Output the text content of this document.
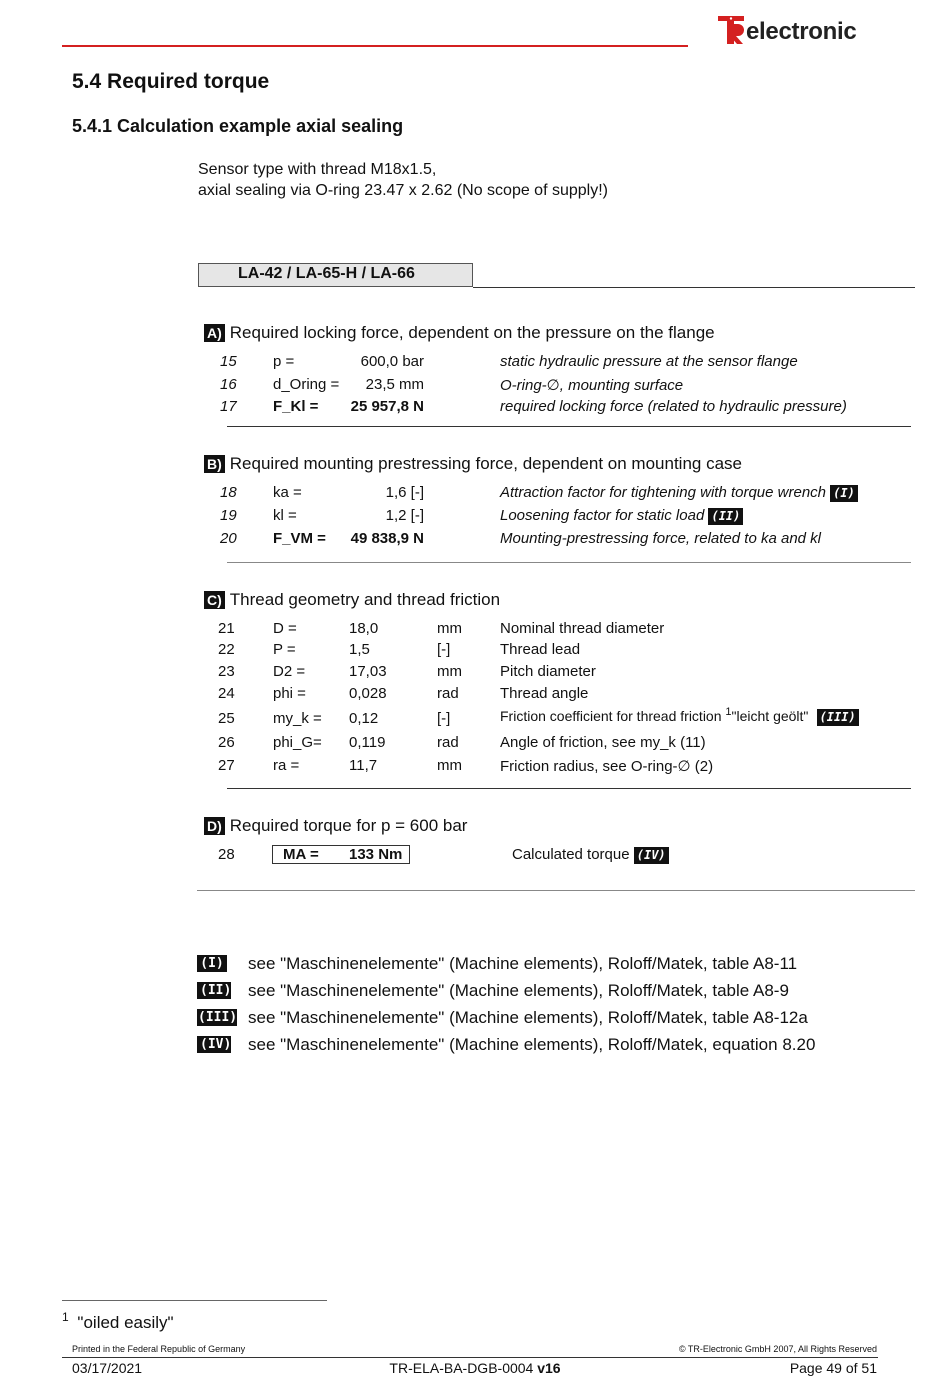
electronic
5.4 Required torque
5.4.1 Calculation example axial sealing
Sensor type with thread M18x1.5,
axial sealing via O-ring 23.47 x 2.62 (No scope of supply!)
LA-42 / LA-65-H / LA-66
A) Required locking force, dependent on the pressure on the flange
15 p =	600,0 bar	static hydraulic pressure at the sensor flange
16 d_Oring = 23,5 mm	O-ring-∅, mounting surface
17 F_Kl = 25 957,8 N	required locking force (related to hydraulic pressure)
B) Required mounting prestressing force, dependent on mounting case
18 ka =	1,6 [-]	Attraction factor for tightening with torque wrench (I)
19 kl =	1,2 [-]	Loosening factor for static load (II)
20 F_VM = 49 838,9 N	Mounting-prestressing force, related to ka and kl
C) Thread geometry and thread friction
21	D =	18,0	mm	Nominal thread diameter
22	P =	1,5	[-]	Thread lead
23	D2 =	17,03	mm	Pitch diameter
24	phi =	0,028	rad	Thread angle
25	my_k = 0,12	[-]	Friction coefficient for thread friction $^1$"leicht geölt" (III)
26	phi_G= 0,119	rad	Angle of friction, see my_k (11)
27	ra =	11,7	mm	Friction radius, see O-ring-∅ (2)
D) Required torque for p = 600 bar
28	MA = 133 Nm	Calculated torque (IV)
(I) see "Maschinenelemente" (Machine elements), Roloff/Matek, table A8-11
(II) see "Maschinenelemente" (Machine elements), Roloff/Matek, table A8-9
(III) see "Maschinenelemente" (Machine elements), Roloff/Matek, table A8-12a
(IV) see "Maschinenelemente" (Machine elements), Roloff/Matek, equation 8.20
$^1$ "oiled easily"
Printed in the Federal Republic of Germany	© TR-Electronic GmbH 2007, All Rights Reserved
03/17/2021	TR-ELA-BA-DGB-0004 v16	Page 49 of 51
